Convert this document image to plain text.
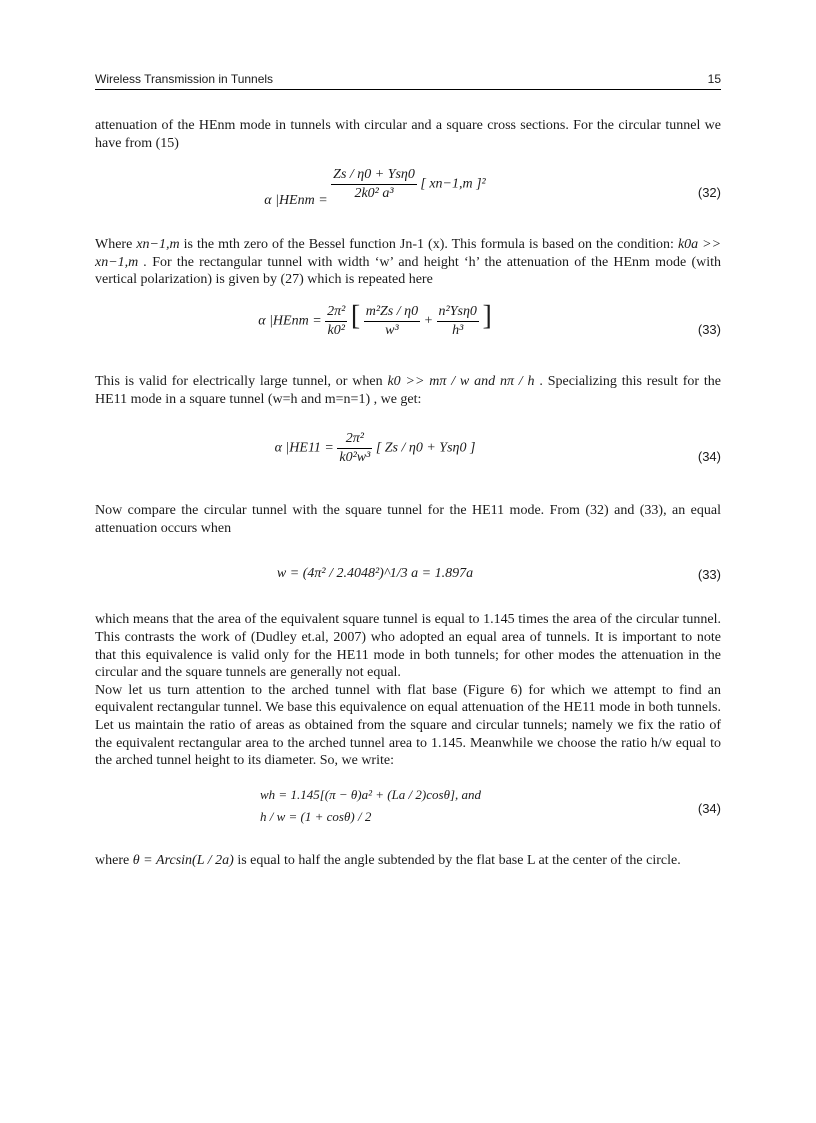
Wireless Transmission in Tunnels	15

attenuation of the HEnm mode in tunnels with circular and a square cross sections. For the circular tunnel we have from (15)

α |HEnm = $\frac{\text{Zs / η0 + Ysη0}}{\text{2k0² a³}}$ [ xn−1,m ]²
(32)

Where xn−1,m is the mth zero of the Bessel function Jn-1 (x). This formula is based on the condition: k0a >> xn−1,m . For the rectangular tunnel with width ‘w’ and height ‘h’ the attenuation of the HEnm mode (with vertical polarization) is given by (27) which is repeated here

α |HEnm = $\frac{\text{2π²}}{\text{k0²}}$ [ $\frac{\text{m²Zs / η0}}{\text{w³}} + \frac{\text{n²Ysη0}}{\text{h³}}$ ]	(33)

This is valid for electrically large tunnel, or when k0 >> mπ / w and nπ / h . Specializing this result for the HE11 mode in a square tunnel (w=h and m=n=1) , we get:

α $|HE11 = \frac{\text{2π²}}{\text{k0²w³}}$ [ Zs / η0 + Ysη0 ]
(34)

Now compare the circular tunnel with the square tunnel for the HE11 mode. From (32) and (33), an equal attenuation occurs when

w = (4π² / 2.4048²)^1/3 a = 1.897a	(33)

which means that the area of the equivalent square tunnel is equal to 1.145 times the area of the circular tunnel. This contrasts the work of (Dudley et.al, 2007) who adopted an equal area of tunnels. It is important to note that this equivalence is valid only for the HE11 mode in both tunnels; for other modes the attenuation in the circular and the square tunnels are generally not equal.

Now let us turn attention to the arched tunnel with flat base (Figure 6) for which we attempt to find an equivalent rectangular tunnel. We base this equivalence on equal attenuation of the HE11 mode in both tunnels. Let us maintain the ratio of areas as obtained from the square and circular tunnels; namely we fix the ratio of the equivalent rectangular area to the arched tunnel area to 1.145. Meanwhile we choose the ratio h/w equal to the arched tunnel height to its diameter. So, we write:

wh = 1.145[(π − θ)a² + (La / 2)cosθ], and
h / w = (1 + cosθ) / 2
(34)

where θ = Arcsin(L / 2a) is equal to half the angle subtended by the flat base L at the center of the circle.
